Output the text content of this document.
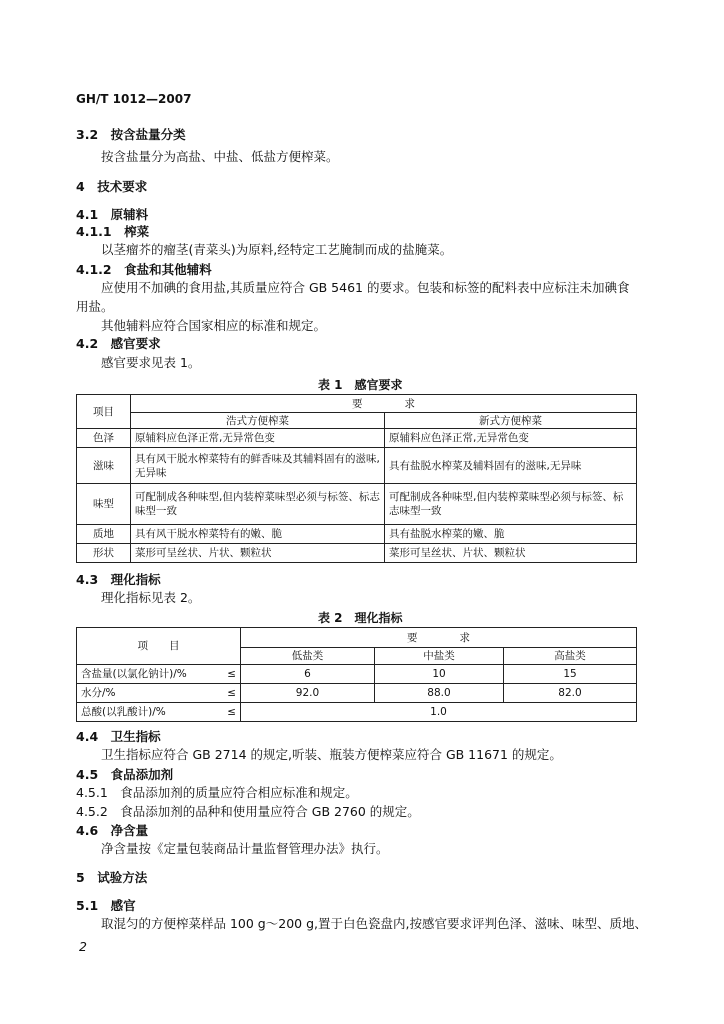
GH/T 1012—2007
3.2　按含盐量分类
按含盐量分为高盐、中盐、低盐方便榨菜。
4　技术要求
4.1　原辅料
4.1.1　榨菜
以茎瘤芥的瘤茎(青菜头)为原料,经特定工艺腌制而成的盐腌菜。
4.1.2　食盐和其他辅料
应使用不加碘的食用盐,其质量应符合 GB 5461 的要求。包装和标签的配料表中应标注未加碘食
用盐。
其他辅料应符合国家相应的标准和规定。
4.2　感官要求
感官要求见表 1。
表 1　感官要求
项目	要　　　　求	
	浩式方便榨菜	新式方便榨菜
色泽	原辅料应色泽正常,无异常色变	原辅料应色泽正常,无异常色变
滋味	具有风干脱水榨菜特有的鲜香味及其辅料固有的滋味,无异味	具有盐脱水榨菜及辅料固有的滋味,无异味
味型	可配制成各种味型,但内装榨菜味型必须与标签、标志味型一致	可配制成各种味型,但内装榨菜味型必须与标签、标志味型一致
质地	具有风干脱水榨菜特有的嫩、脆	具有盐脱水榨菜的嫩、脆
形状	菜形可呈丝状、片状、颗粒状	菜形可呈丝状、片状、颗粒状
4.3　理化指标
理化指标见表 2。
表 2　理化指标
项　　目	要　　　　求		
	低盐类	中盐类	高盐类
含盐量(以氯化钠计)/% ≤	6	10	15
水分/% ≤	92.0	88.0	82.0
总酸(以乳酸计)/% ≤	1.0		
4.4　卫生指标
卫生指标应符合 GB 2714 的规定,听装、瓶装方便榨菜应符合 GB 11671 的规定。
4.5　食品添加剂
4.5.1　食品添加剂的质量应符合相应标准和规定。
4.5.2　食品添加剂的品种和使用量应符合 GB 2760 的规定。
4.6　净含量
净含量按《定量包装商品计量监督管理办法》执行。
5　试验方法
5.1　感官
取混匀的方便榨菜样品 100 g～200 g,置于白色瓷盘内,按感官要求评判色泽、滋味、味型、质地、
2
